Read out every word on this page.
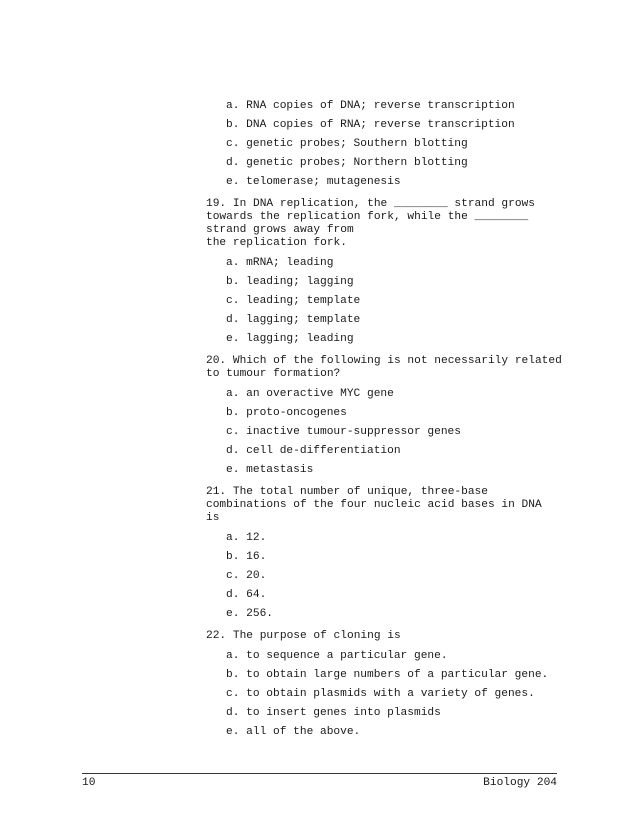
a. RNA copies of DNA; reverse transcription
b. DNA copies of RNA; reverse transcription
c. genetic probes; Southern blotting
d. genetic probes; Northern blotting
e. telomerase; mutagenesis
19. In DNA replication, the ________ strand grows
towards the replication fork, while the ________
strand grows away from
the replication fork.
a. mRNA; leading
b. leading; lagging
c. leading; template
d. lagging; template
e. lagging; leading
20. Which of the following is not necessarily related
to tumour formation?
a. an overactive MYC gene
b. proto-oncogenes
c. inactive tumour-suppressor genes
d. cell de-differentiation
e. metastasis
21. The total number of unique, three-base
combinations of the four nucleic acid bases in DNA
is
a. 12.
b. 16.
c. 20.
d. 64.
e. 256.
22. The purpose of cloning is
a. to sequence a particular gene.
b. to obtain large numbers of a particular gene.
c. to obtain plasmids with a variety of genes.
d. to insert genes into plasmids
e. all of the above.
10	Biology 204
